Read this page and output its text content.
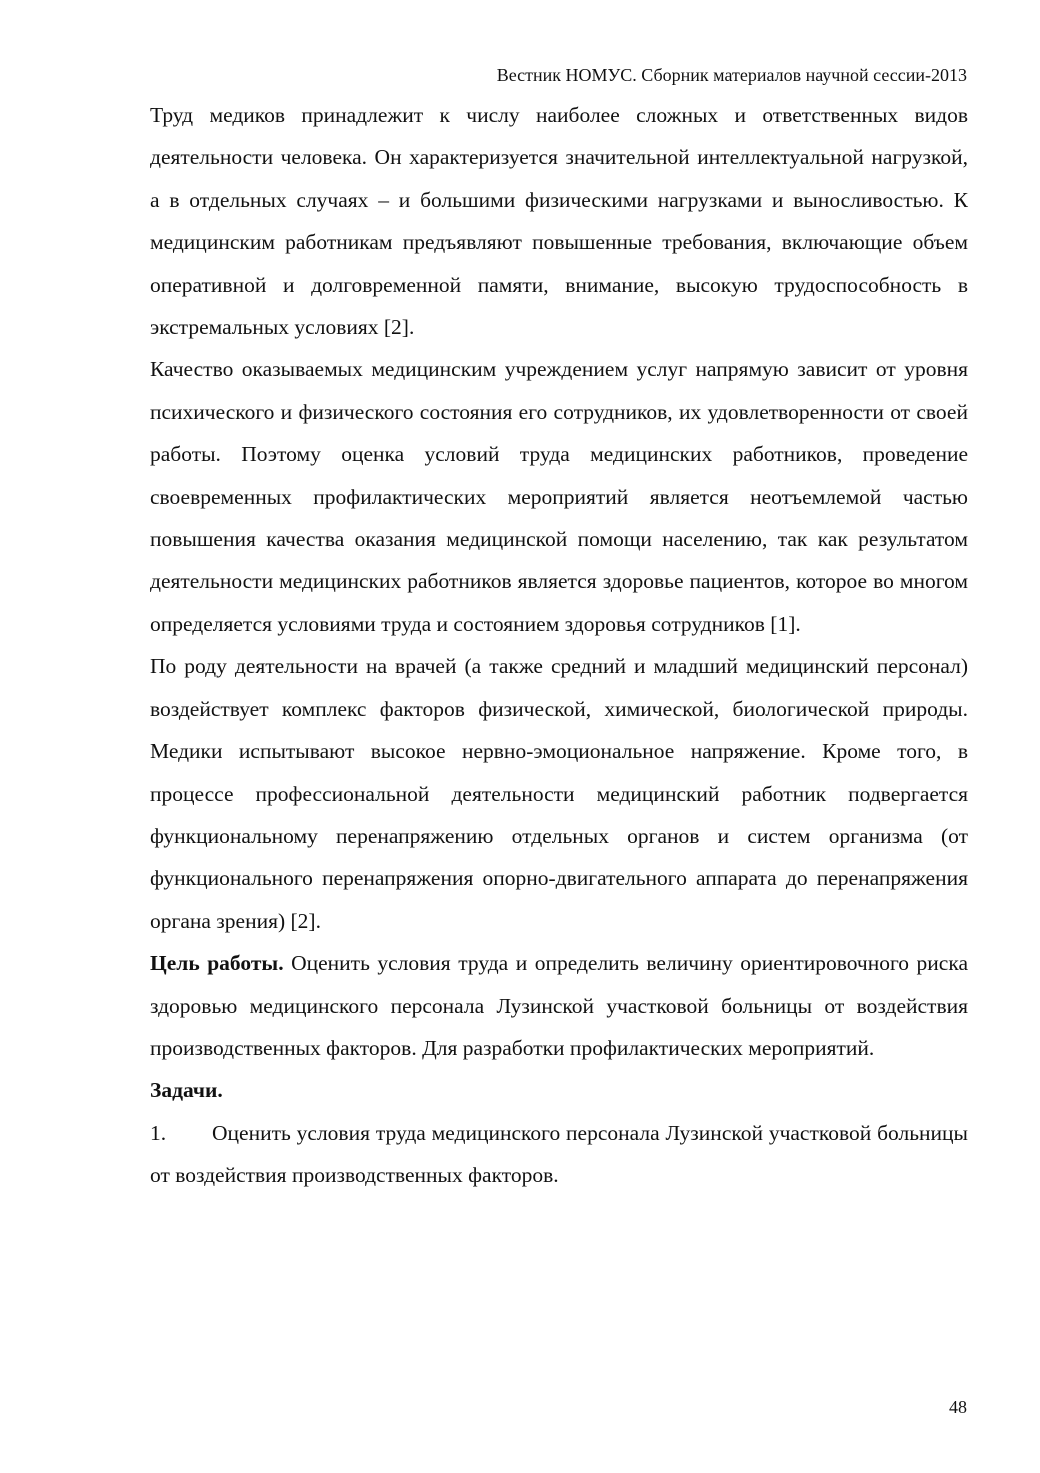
Вестник НОМУС. Сборник материалов научной сессии-2013

Труд медиков принадлежит к числу наиболее сложных и ответственных видов деятельности человека. Он характеризуется значительной интеллектуальной нагрузкой, а в отдельных случаях – и большими физическими нагрузками и выносливостью. К медицинским работникам предъявляют повышенные требования, включающие объем оперативной и долговременной памяти, внимание, высокую трудоспособность в экстремальных условиях [2].

Качество оказываемых медицинским учреждением услуг напрямую зависит от уровня психического и физического состояния его сотрудников, их удовлетворенности от своей работы. Поэтому оценка условий труда медицинских работников, проведение своевременных профилактических мероприятий является неотъемлемой частью повышения качества оказания медицинской помощи населению, так как результатом деятельности медицинских работников является здоровье пациентов, которое во многом определяется условиями труда и состоянием здоровья сотрудников [1].

По роду деятельности на врачей (а также средний и младший медицинский персонал) воздействует комплекс факторов физической, химической, биологической природы. Медики испытывают высокое нервно-эмоциональное напряжение. Кроме того, в процессе профессиональной деятельности медицинский работник подвергается функциональному перенапряжению отдельных органов и систем организма (от функционального перенапряжения опорно-двигательного аппарата до перенапряжения органа зрения) [2].

Цель работы. Оценить условия труда и определить величину ориентировочного риска здоровью медицинского персонала Лузинской участковой больницы от воздействия производственных факторов. Для разработки профилактических мероприятий.

Задачи.

1. Оценить условия труда медицинского персонала Лузинской участковой больницы от воздействия производственных факторов.

48
